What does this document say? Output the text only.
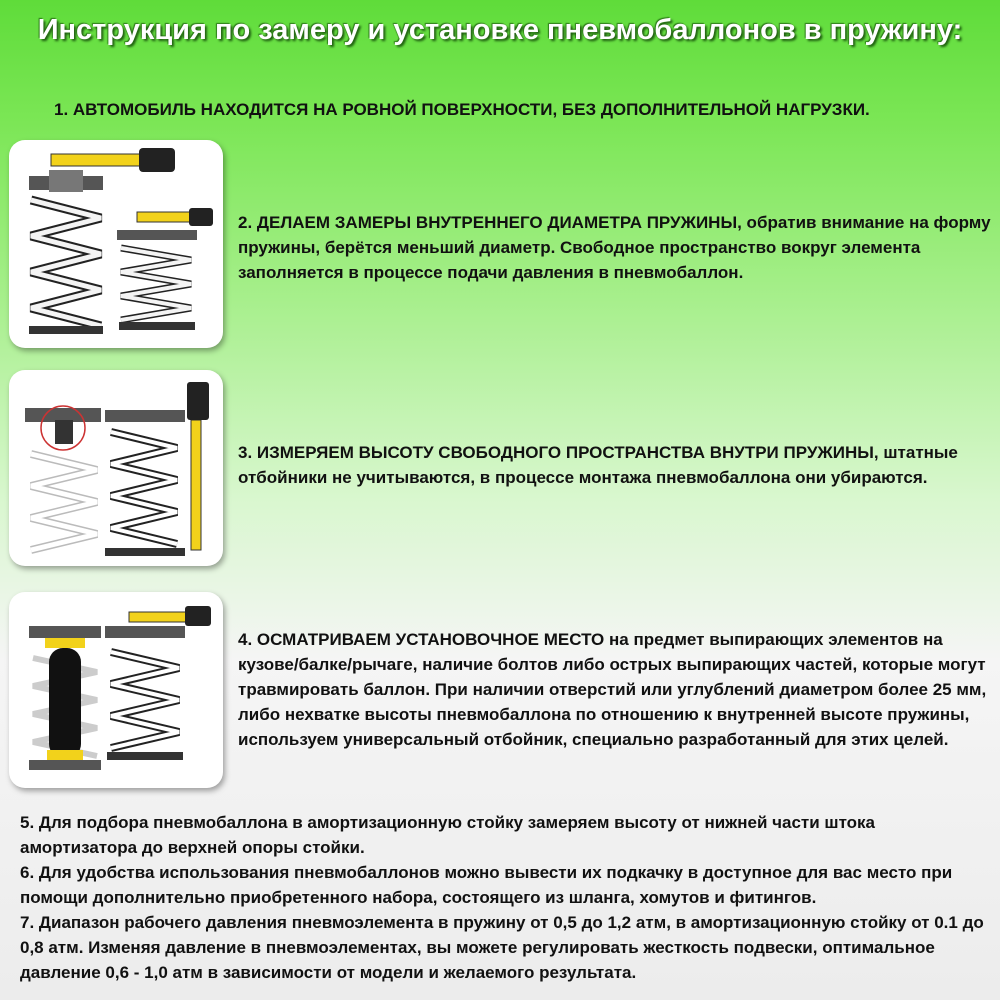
Инструкция по замеру и установке пневмобаллонов в пружину:
1. АВТОМОБИЛЬ НАХОДИТСЯ НА РОВНОЙ ПОВЕРХНОСТИ, БЕЗ ДОПОЛНИТЕЛЬНОЙ НАГРУЗКИ.
2. ДЕЛАЕМ ЗАМЕРЫ ВНУТРЕННЕГО ДИАМЕТРА ПРУЖИНЫ, обратив внимание на форму пружины, берётся меньший диаметр. Свободное пространство вокруг элемента заполняется в процессе подачи давления в пневмобаллон.
3. ИЗМЕРЯЕМ ВЫСОТУ СВОБОДНОГО ПРОСТРАНСТВА ВНУТРИ ПРУЖИНЫ, штатные отбойники не учитываются, в процессе монтажа пневмобаллона они убираются.
4. ОСМАТРИВАЕМ УСТАНОВОЧНОЕ МЕСТО на предмет выпирающих элементов на кузове/балке/рычаге, наличие болтов либо острых выпирающих частей, которые могут травмировать баллон. При наличии отверстий или углублений диаметром более 25 мм, либо нехватке высоты пневмобаллона по отношению к внутренней высоте пружины, используем универсальный отбойник, специально разработанный для этих целей.

5. Для подбора пневмобаллона в амортизационную стойку замеряем высоту от нижней части штока амортизатора до верхней опоры стойки.

6. Для удобства использования пневмобаллонов можно вывести их подкачку в доступное для вас место при помощи дополнительно приобретенного набора, состоящего из шланга, хомутов и фитингов.

7. Диапазон рабочего давления пневмоэлемента в пружину от 0,5 до 1,2 атм, в амортизационную стойку от 0.1 до 0,8 атм. Изменяя давление в пневмоэлементах, вы можете регулировать жесткость подвески, оптимальное давление 0,6 - 1,0 атм в зависимости от модели и желаемого результата.
